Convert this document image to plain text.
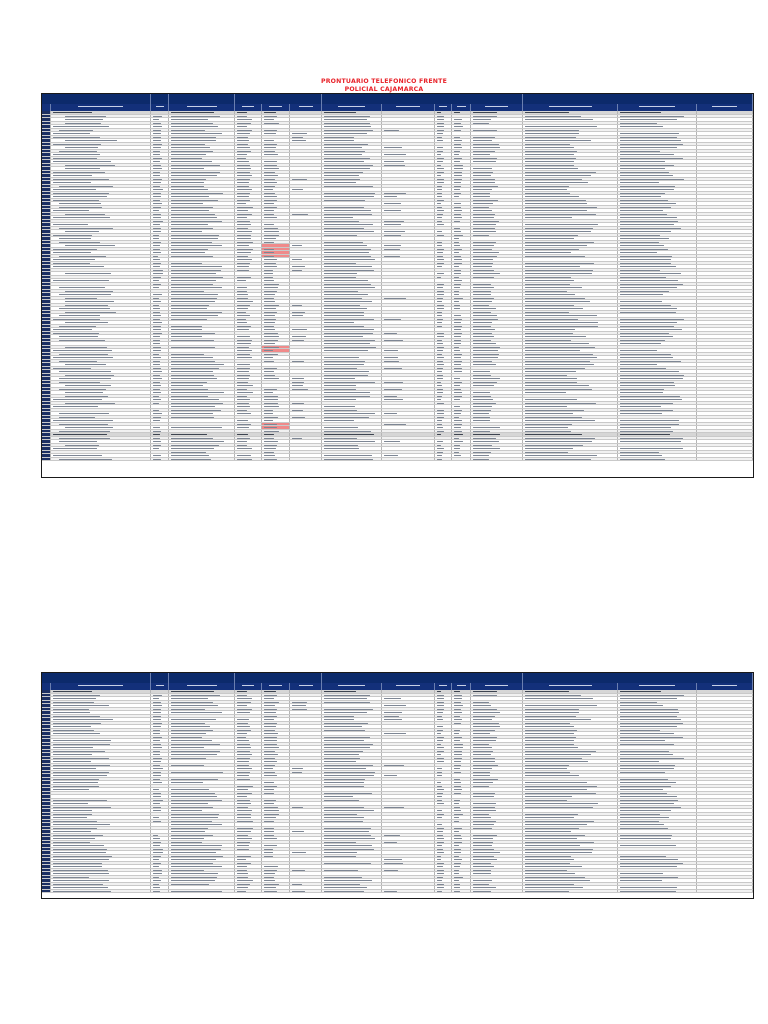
PRONTUARIO TELEFONICO FRENTE
POLICIAL CAJAMARCA
